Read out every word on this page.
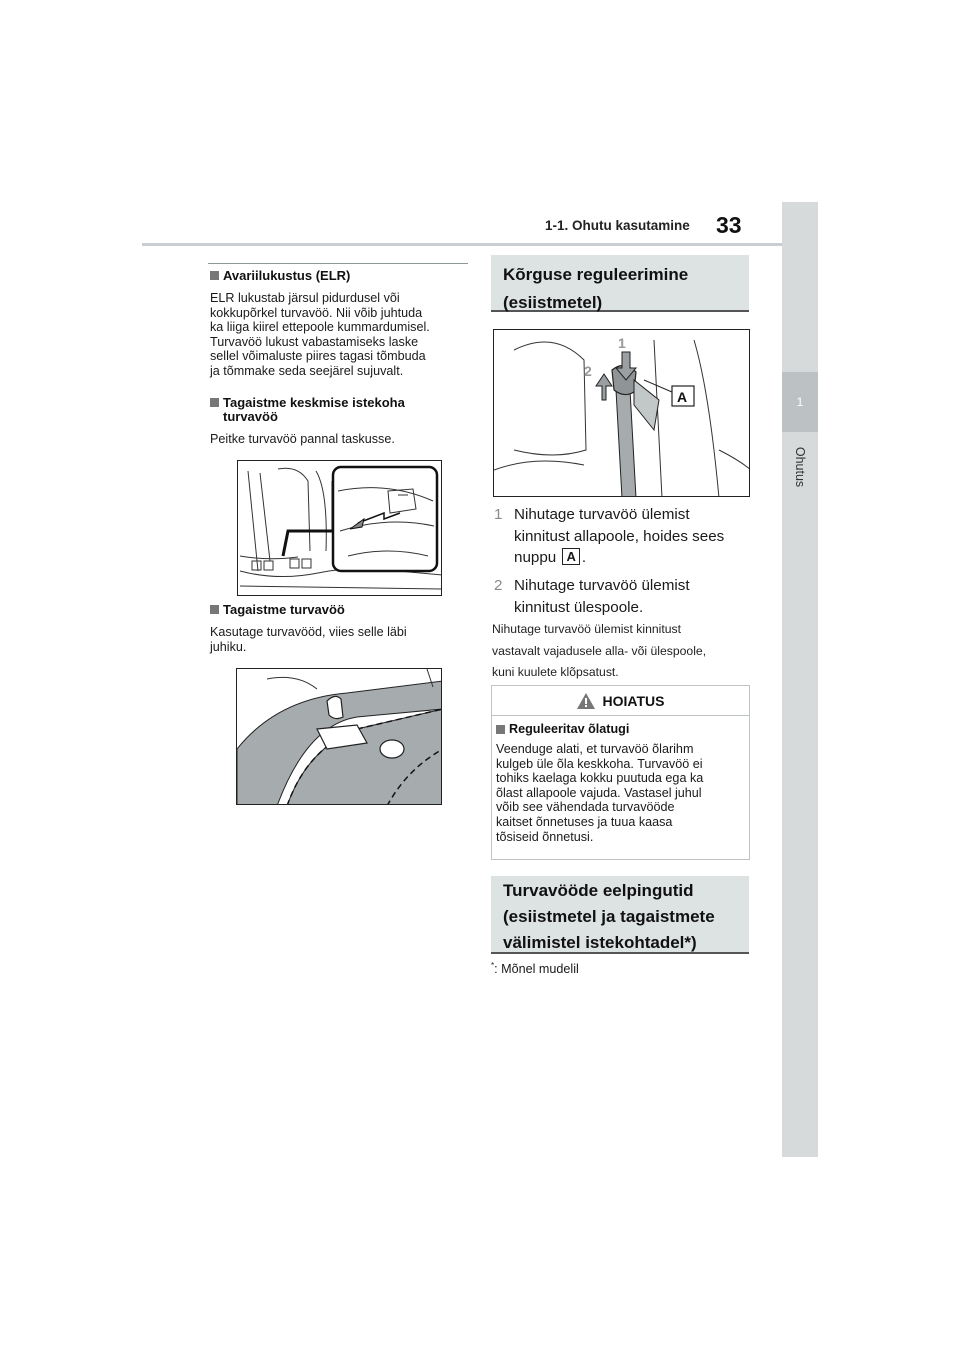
1-1. Ohutu kasutamine 33
1
Ohutus
Avariilukustus (ELR)
ELR lukustab järsul pidurdusel või
kokkupõrkel turvavöö. Nii võib juhtuda
ka liiga kiirel ettepoole kummardumisel.
Turvavöö lukust vabastamiseks laske
sellel võimaluste piires tagasi tõmbuda
ja tõmmake seda seejärel sujuvalt.
Tagaistme keskmise istekoha
turvavöö
Peitke turvavöö pannal taskusse.
Tagaistme turvavöö
Kasutage turvavööd, viies selle läbi
juhiku.
Kõrguse reguleerimine
(esiistmetel)
1
2
A
1 Nihutage turvavöö ülemist
kinnitust allapoole, hoides sees
nuppu A .
2 Nihutage turvavöö ülemist
kinnitust ülespoole.
Nihutage turvavöö ülemist kinnitust
vastavalt vajadusele alla- või ülespoole,
kuni kuulete klõpsatust.
HOIATUS
Reguleeritav õlatugi
Veenduge alati, et turvavöö õlarihm
kulgeb üle õla keskkoha. Turvavöö ei
tohiks kaelaga kokku puutuda ega ka
õlast allapoole vajuda. Vastasel juhul
võib see vähendada turvavööde
kaitset õnnetuses ja tuua kaasa
tõsiseid õnnetusi.
Turvavööde eelpingutid
(esiistmetel ja tagaistmete
välimistel istekohtadel*)
*: Mõnel mudelil
